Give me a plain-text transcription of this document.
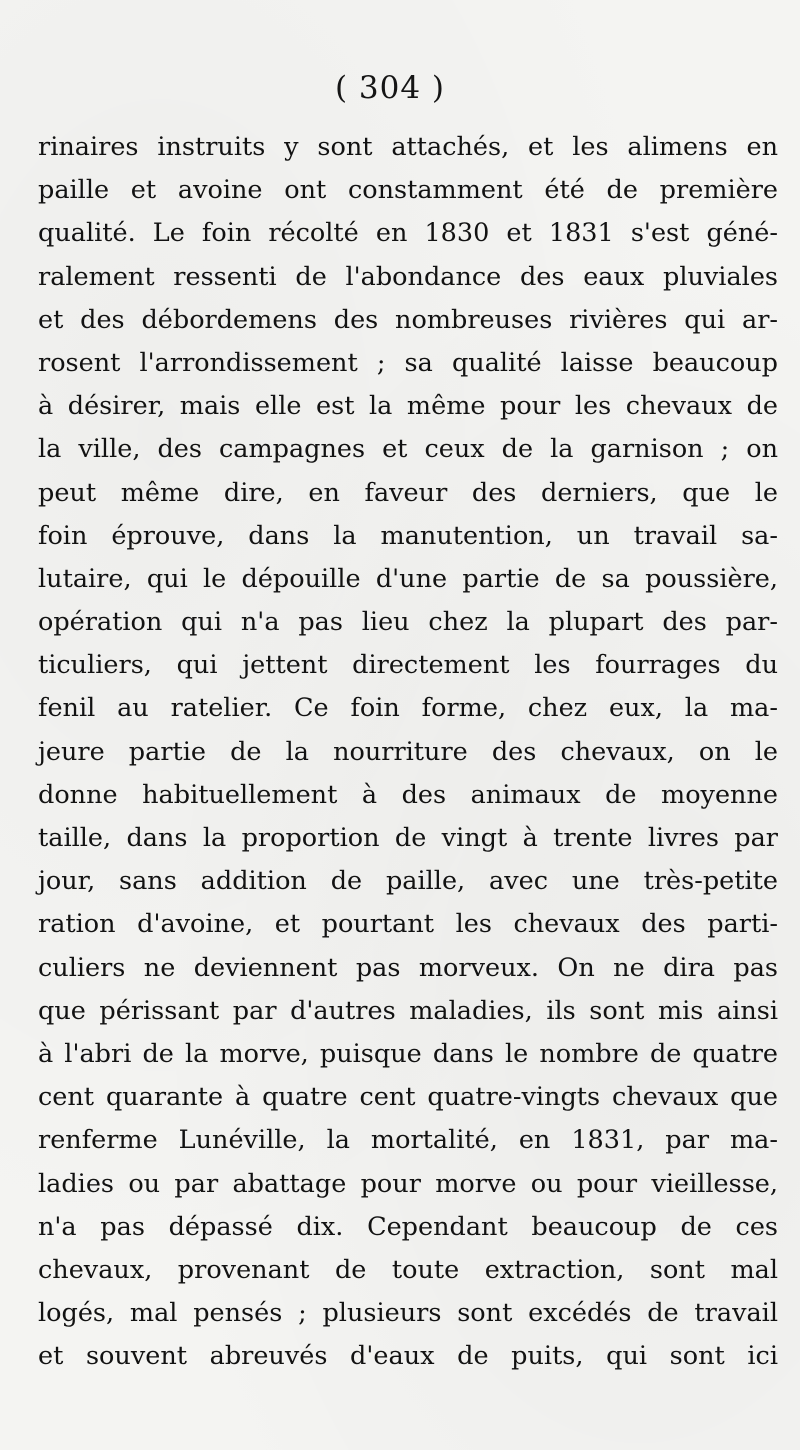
( 304 )
rinaires instruits y sont attachés, et les alimens en
paille et avoine ont constamment été de première
qualité. Le foin récolté en 1830 et 1831 s'est géné-
ralement ressenti de l'abondance des eaux pluviales
et des débordemens des nombreuses rivières qui ar-
rosent l'arrondissement ; sa qualité laisse beaucoup
à désirer, mais elle est la même pour les chevaux de
la ville, des campagnes et ceux de la garnison ; on
peut même dire, en faveur des derniers, que le
foin éprouve, dans la manutention, un travail sa-
lutaire, qui le dépouille d'une partie de sa poussière,
opération qui n'a pas lieu chez la plupart des par-
ticuliers, qui jettent directement les fourrages du
fenil au ratelier. Ce foin forme, chez eux, la ma-
jeure partie de la nourriture des chevaux, on le
donne habituellement à des animaux de moyenne
taille, dans la proportion de vingt à trente livres par
jour, sans addition de paille, avec une très-petite
ration d'avoine, et pourtant les chevaux des parti-
culiers ne deviennent pas morveux. On ne dira pas
que périssant par d'autres maladies, ils sont mis ainsi
à l'abri de la morve, puisque dans le nombre de quatre
cent quarante à quatre cent quatre-vingts chevaux que
renferme Lunéville, la mortalité, en 1831, par ma-
ladies ou par abattage pour morve ou pour vieillesse,
n'a pas dépassé dix. Cependant beaucoup de ces
chevaux, provenant de toute extraction, sont mal
logés, mal pensés ; plusieurs sont excédés de travail
et souvent abreuvés d'eaux de puits, qui sont ici
